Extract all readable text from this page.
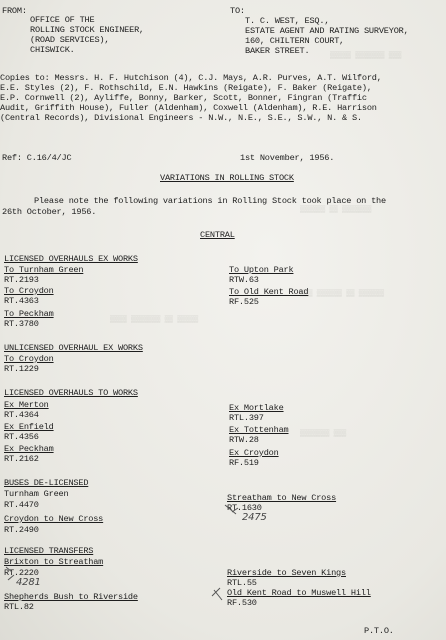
▒▒▒▒▒ ▒▒▒▒▒▒▒ ▒▒▒
▒▒▒▒▒▒ ▒▒ ▒▒▒▒▒▒▒
▒▒▒ ▒▒▒▒▒▒ ▒▒ ▒▒▒▒▒▒
▒▒▒▒ ▒▒▒▒▒▒▒ ▒▒ ▒▒▒▒▒
▒▒▒▒▒▒▒ ▒▒▒
FROM:
OFFICE OF THE
ROLLING STOCK ENGINEER,
(ROAD SERVICES),
CHISWICK.
TO:
T. C. WEST, ESQ.,
ESTATE AGENT AND RATING SURVEYOR,
160, CHILTERN COURT,
BAKER STREET.
Copies to: Messrs. H. F. Hutchison (4), C.J. Mays, A.R. Purves, A.T. Wilford,
E.E. Styles (2), F. Rothschild, E.N. Hawkins (Reigate), F. Baker (Reigate),
E.P. Cornwell (2), Ayliffe, Bonny, Barker, Scott, Bonner, Fingran (Traffic
Audit, Griffith House), Fuller (Aldenham), Coxwell (Aldenham), R.E. Harrison
(Central Records), Divisional Engineers - N.W., N.E., S.E., S.W., N. & S.
Ref: C.16/4/JC	1st November, 1956.
VARIATIONS IN ROLLING STOCK
Please note the following variations in Rolling Stock took place on the
26th October, 1956.
CENTRAL
LICENSED OVERHAULS EX WORKS
To Turnham Green
RT.2193
To Croydon
RT.4363
To Peckham
RT.3780
To Upton Park
RTW.63
To Old Kent Road
RF.525
UNLICENSED OVERHAUL EX WORKS
To Croydon
RT.1229
LICENSED OVERHAULS TO WORKS
Ex Merton
RT.4364
Ex Enfield
RT.4356
Ex Peckham
RT.2162
Ex Mortlake
RTL.397
Ex Tottenham
RTW.28
Ex Croydon
RF.519
BUSES DE-LICENSED
Turnham Green
RT.4470
Croydon to New Cross
RT.2490
Streatham to New Cross
RT.1630
2475
LICENSED TRANSFERS
Brixton to Streatham
RT.2220
4281
Shepherds Bush to Riverside
RTL.82
Riverside to Seven Kings
RTL.55
Old Kent Road to Muswell Hill
RF.530
P.T.O.
